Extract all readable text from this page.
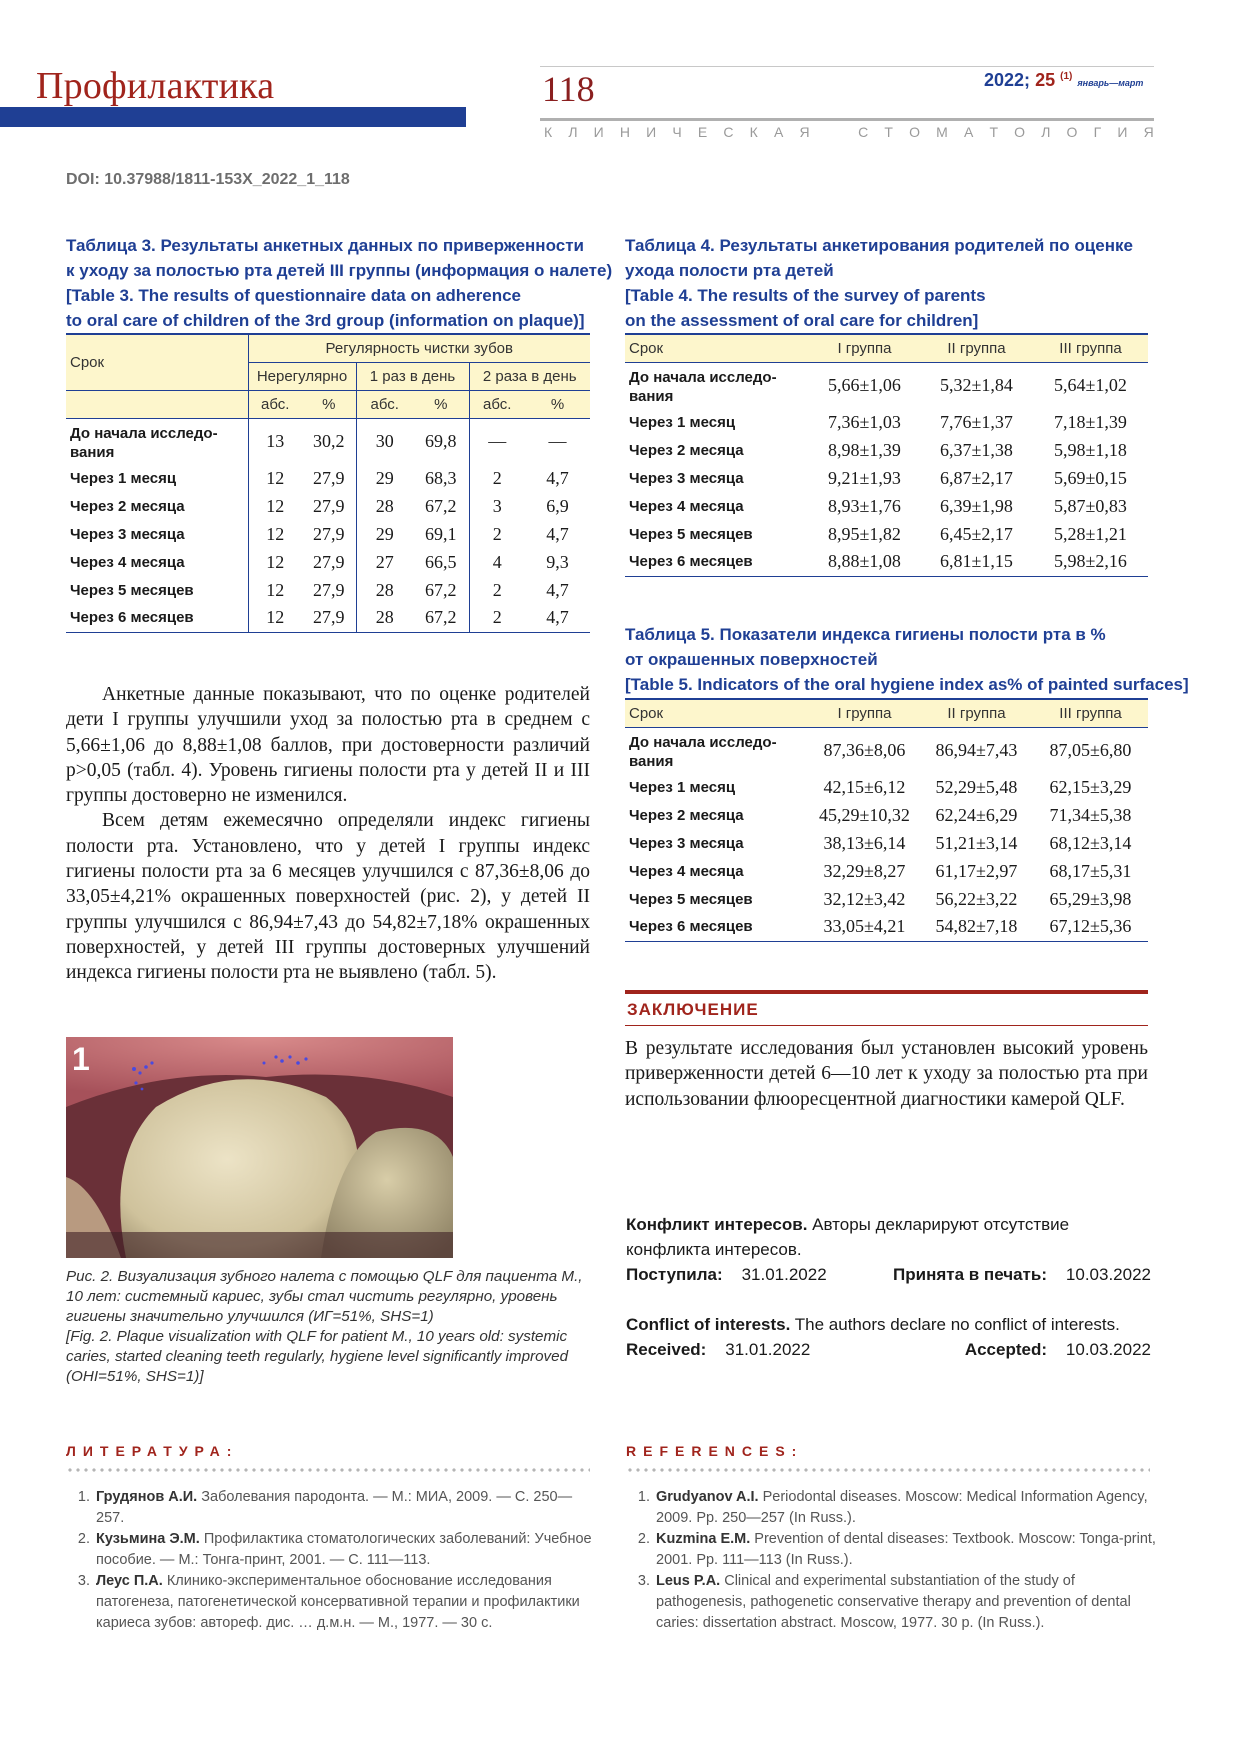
Профилактика	118	2022; 25 $^{(1)}$ январь—март
К Л И Н И Ч Е С К А Я	С Т О М А Т О Л О Г И Я
DOI: 10.37988/1811-153X_2022_1_118
Таблица 3. Результаты анкетных данных по приверженности
к уходу за полостью рта детей III группы (информация о налете)
[Table 3. The results of questionnaire data on adherence
to oral care of children of the 3rd group (information on plaque)]
Срок	Регулярность чистки зубов					
	Нерегулярно		1 раз в день		2 раза в день	
	абс.	%	абс.	%	абс.	%
До начала исследо-вания	13	30,2	30	69,8	—	—
Через 1 месяц	12	27,9	29	68,3	2	4,7
Через 2 месяца	12	27,9	28	67,2	3	6,9
Через 3 месяца	12	27,9	29	69,1	2	4,7
Через 4 месяца	12	27,9	27	66,5	4	9,3
Через 5 месяцев	12	27,9	28	67,2	2	4,7
Через 6 месяцев	12	27,9	28	67,2	2	4,7
Таблица 4. Результаты анкетирования родителей по оценке
ухода полости рта детей
[Table 4. The results of the survey of parents
on the assessment of oral care for children]
Срок	I группа	II группа	III группа
До начала исследо-вания	5,66±1,06	5,32±1,84	5,64±1,02
Через 1 месяц	7,36±1,03	7,76±1,37	7,18±1,39
Через 2 месяца	8,98±1,39	6,37±1,38	5,98±1,18
Через 3 месяца	9,21±1,93	6,87±2,17	5,69±0,15
Через 4 месяца	8,93±1,76	6,39±1,98	5,87±0,83
Через 5 месяцев	8,95±1,82	6,45±2,17	5,28±1,21
Через 6 месяцев	8,88±1,08	6,81±1,15	5,98±2,16
Таблица 5. Показатели индекса гигиены полости рта в %
от окрашенных поверхностей
[Table 5. Indicators of the oral hygiene index as% of painted surfaces]
Срок	I группа	II группа	III группа
До начала исследо-вания	87,36±8,06	86,94±7,43	87,05±6,80
Через 1 месяц	42,15±6,12	52,29±5,48	62,15±3,29
Через 2 месяца	45,29±10,32	62,24±6,29	71,34±5,38
Через 3 месяца	38,13±6,14	51,21±3,14	68,12±3,14
Через 4 месяца	32,29±8,27	61,17±2,97	68,17±5,31
Через 5 месяцев	32,12±3,42	56,22±3,22	65,29±3,98
Через 6 месяцев	33,05±4,21	54,82±7,18	67,12±5,36

Анкетные данные показывают, что по оценке родителей дети I группы улучшили уход за полостью рта в среднем с 5,66±1,06 до 8,88±1,08 баллов, при достоверности различий p>0,05 (табл. 4). Уровень гигиены полости рта у детей II и III группы достоверно не изменился.

Всем детям ежемесячно определяли индекс гигиены полости рта. Установлено, что у детей I группы индекс гигиены полости рта за 6 месяцев улучшился с 87,36±8,06 до 33,05±4,21% окрашенных поверхностей (рис. 2), у детей II группы улучшился с 86,94±7,43 до 54,82±7,18% окрашенных поверхностей, у детей III группы достоверных улучшений индекса гигиены полости рта не выявлено (табл. 5).

1
Рис. 2. Визуализация зубного налета с помощью QLF для пациента М., 10 лет: системный кариес, зубы стал чистить регулярно, уровень гигиены значительно улучшился (ИГ=51%, SHS=1)
[Fig. 2. Plaque visualization with QLF for patient M., 10 years old: systemic caries, started cleaning teeth regularly, hygiene level significantly improved (OHI=51%, SHS=1)]
ЗАКЛЮЧЕНИЕ
В результате исследования был установлен высокий уровень приверженности детей 6—10 лет к уходу за полостью рта при использовании флюоресцентной диагностики камерой QLF.
Конфликт интересов. Авторы декларируют отсутствие конфликта интересов.
Поступила: 31.01.2022	Принята в печать: 10.03.2022
Conflict of interests. The authors declare no conflict of interests.
Received: 31.01.2022	Accepted: 10.03.2022
ЛИТЕРАТУРА:
1. Грудянов А.И. Заболевания пародонта. — М.: МИА, 2009. — С. 250—257.
2. Кузьмина Э.М. Профилактика стоматологических заболеваний: Учебное пособие. — М.: Тонга-принт, 2001. — С. 111—113.
3. Леус П.А. Клинико-экспериментальное обоснование исследования патогенеза, патогенетической консервативной терапии и профилактики кариеса зубов: автореф. дис. … д.м.н. — М., 1977. — 30 с.
REFERENCES:
1. Grudyanov A.I. Periodontal diseases. Moscow: Medical Information Agency, 2009. Pp. 250—257 (In Russ.).
2. Kuzmina E.M. Prevention of dental diseases: Textbook. Moscow: Tonga-print, 2001. Pp. 111—113 (In Russ.).
3. Leus P.A. Clinical and experimental substantiation of the study of pathogenesis, pathogenetic conservative therapy and prevention of dental caries: dissertation abstract. Moscow, 1977. 30 p. (In Russ.).
